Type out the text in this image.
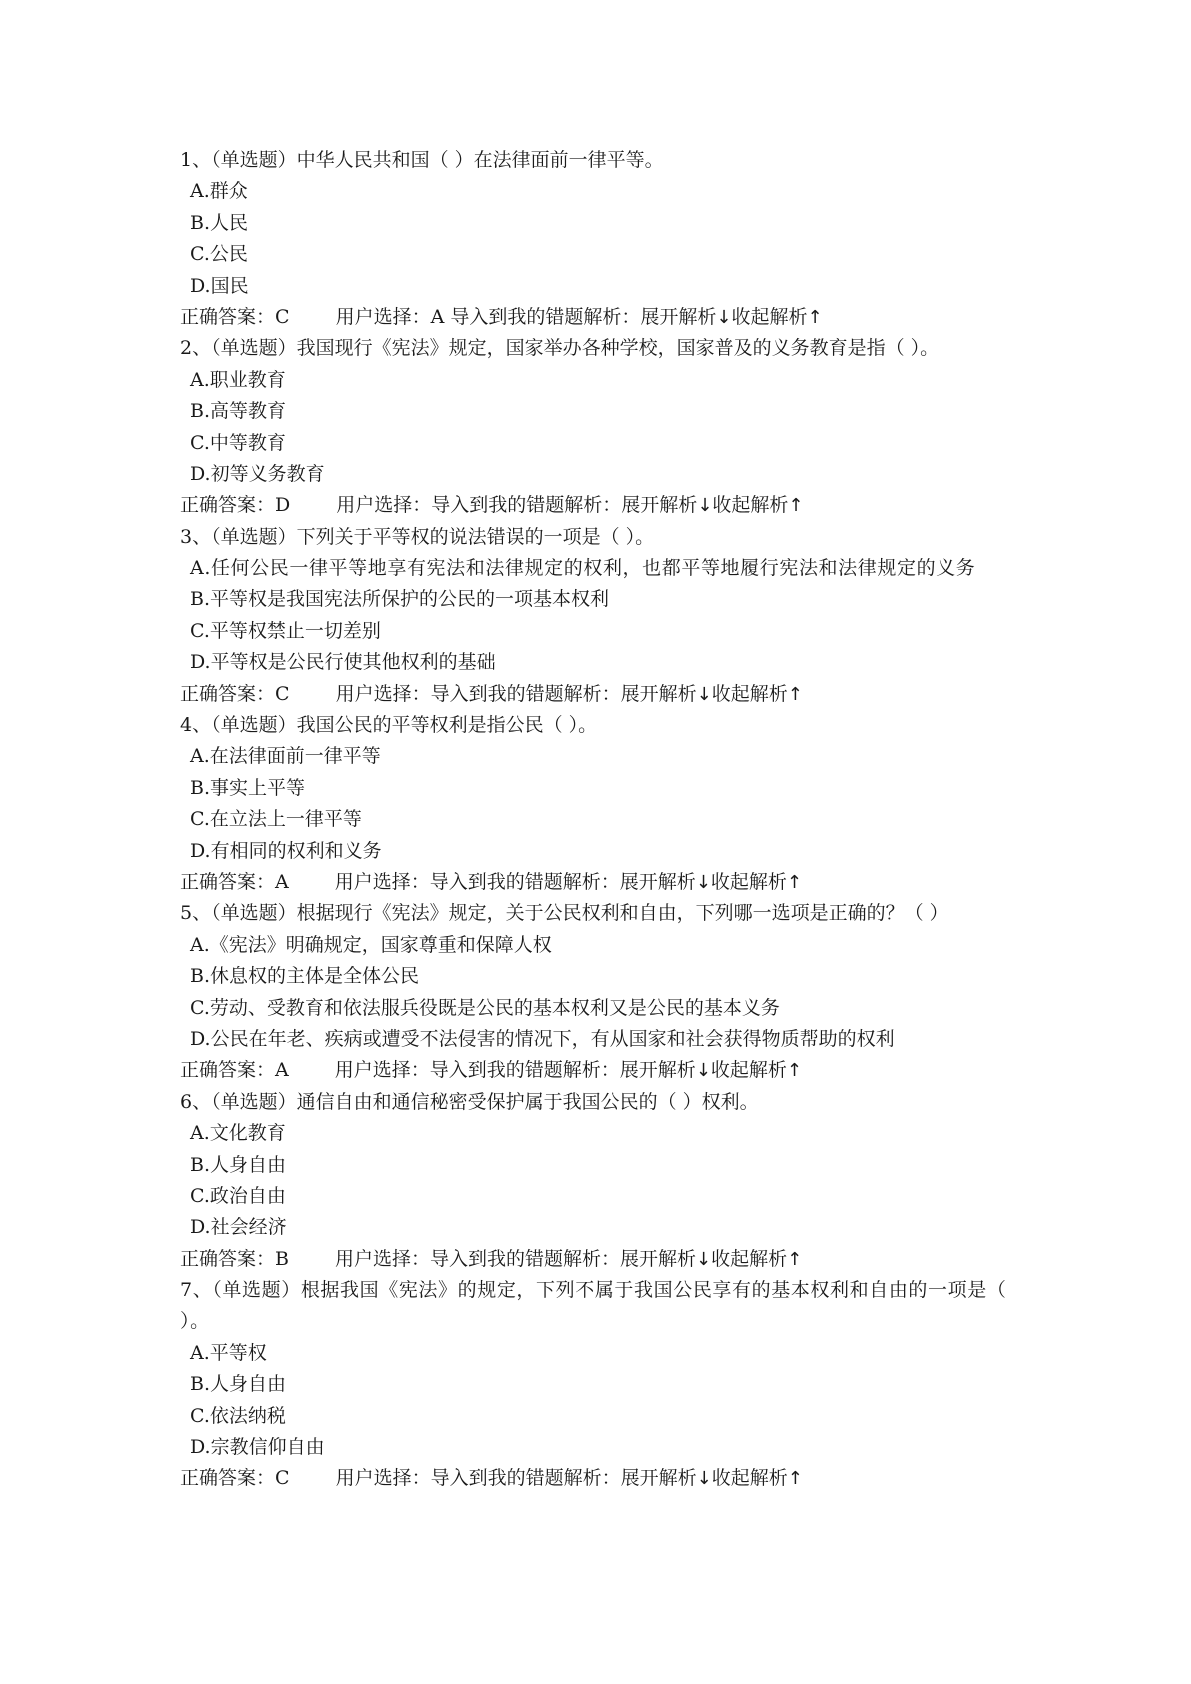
1、（单选题）中华人民共和国（ ）在法律面前一律平等。
A.群众
B.人民
C.公民
D.国民
正确答案：C 用户选择：A 导入到我的错题解析：展开解析↓收起解析↑
2、（单选题）我国现行《宪法》规定，国家举办各种学校，国家普及的义务教育是指（ ）。
A.职业教育
B.高等教育
C.中等教育
D.初等义务教育
正确答案：D 用户选择：导入到我的错题解析：展开解析↓收起解析↑
3、（单选题）下列关于平等权的说法错误的一项是（ ）。
A.任何公民一律平等地享有宪法和法律规定的权利，也都平等地履行宪法和法律规定的义务
B.平等权是我国宪法所保护的公民的一项基本权利
C.平等权禁止一切差别
D.平等权是公民行使其他权利的基础
正确答案：C 用户选择：导入到我的错题解析：展开解析↓收起解析↑
4、（单选题）我国公民的平等权利是指公民（ ）。
A.在法律面前一律平等
B.事实上平等
C.在立法上一律平等
D.有相同的权利和义务
正确答案：A 用户选择：导入到我的错题解析：展开解析↓收起解析↑
5、（单选题）根据现行《宪法》规定，关于公民权利和自由，下列哪一选项是正确的？（ ）
A.《宪法》明确规定，国家尊重和保障人权
B.休息权的主体是全体公民
C.劳动、受教育和依法服兵役既是公民的基本权利又是公民的基本义务
D.公民在年老、疾病或遭受不法侵害的情况下，有从国家和社会获得物质帮助的权利
正确答案：A 用户选择：导入到我的错题解析：展开解析↓收起解析↑
6、（单选题）通信自由和通信秘密受保护属于我国公民的（ ）权利。
A.文化教育
B.人身自由
C.政治自由
D.社会经济
正确答案：B 用户选择：导入到我的错题解析：展开解析↓收起解析↑
7、（单选题）根据我国《宪法》的规定，下列不属于我国公民享有的基本权利和自由的一项是（ ）。
A.平等权
B.人身自由
C.依法纳税
D.宗教信仰自由
正确答案：C 用户选择：导入到我的错题解析：展开解析↓收起解析↑
